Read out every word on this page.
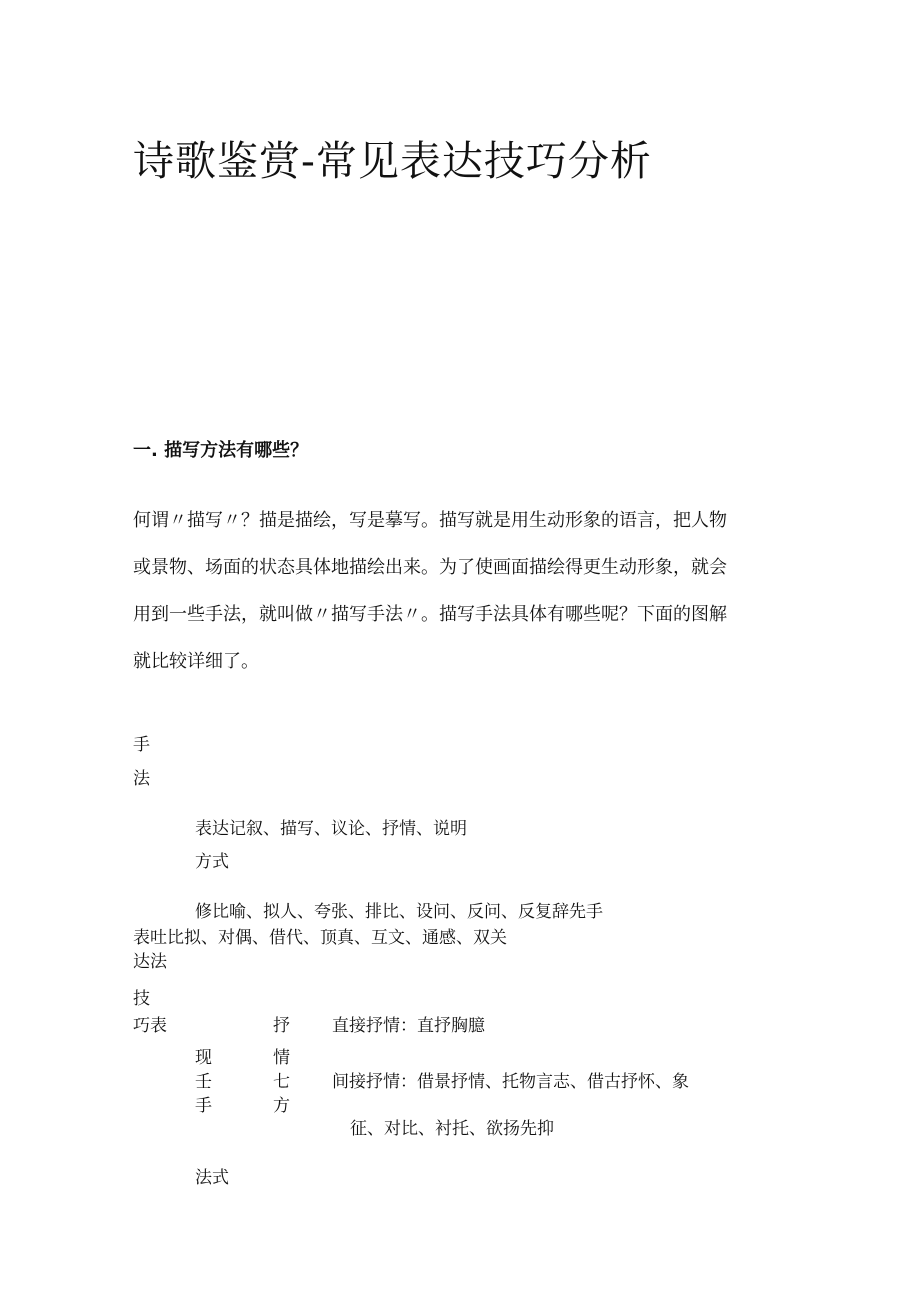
诗歌鉴赏-常见表达技巧分析
一. 描写方法有哪些？

何谓〃描写〃？描是描绘，写是摹写。描写就是用生动形象的语言，把人物

或景物、场面的状态具体地描绘出来。为了使画面描绘得更生动形象，就会

用到一些手法，就叫做〃描写手法〃。描写手法具体有哪些呢？下面的图解

就比较详细了。

手
法
表达记叙、描写、议论、抒情、说明
方式
修比喻、拟人、夸张、排比、设问、反问、反复辞先手
表吐比拟、对偶、借代、顶真、互文、通感、双关
达法
技
巧表	抒 直接抒情：直抒胸臆
现	情
壬	七 间接抒情：借景抒情、托物言志、借古抒怀、象
手	方
征、对比、衬托、欲扬先抑
法式
